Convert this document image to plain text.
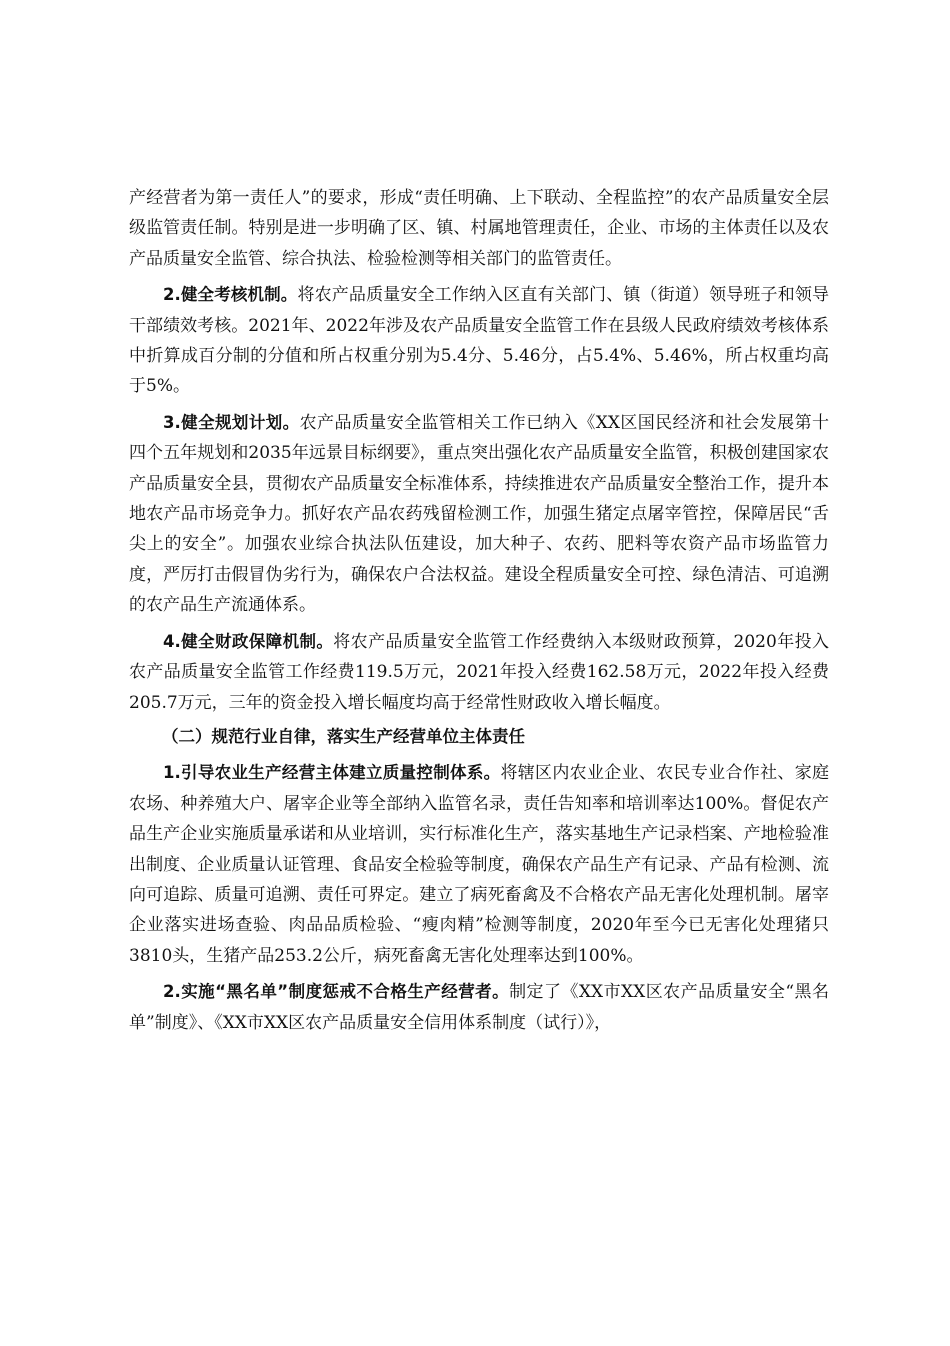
产经营者为第一责任人”的要求，形成“责任明确、上下联动、全程监控”的农产品质量安全层级监管责任制。特别是进一步明确了区、镇、村属地管理责任，企业、市场的主体责任以及农产品质量安全监管、综合执法、检验检测等相关部门的监管责任。

2.健全考核机制。将农产品质量安全工作纳入区直有关部门、镇（街道）领导班子和领导干部绩效考核。2021年、2022年涉及农产品质量安全监管工作在县级人民政府绩效考核体系中折算成百分制的分值和所占权重分别为5.4分、5.46分，占5.4%、5.46%，所占权重均高于5%。

3.健全规划计划。农产品质量安全监管相关工作已纳入《XX区国民经济和社会发展第十四个五年规划和2035年远景目标纲要》，重点突出强化农产品质量安全监管，积极创建国家农产品质量安全县，贯彻农产品质量安全标准体系，持续推进农产品质量安全整治工作，提升本地农产品市场竞争力。抓好农产品农药残留检测工作，加强生猪定点屠宰管控，保障居民“舌尖上的安全”。加强农业综合执法队伍建设，加大种子、农药、肥料等农资产品市场监管力度，严厉打击假冒伪劣行为，确保农户合法权益。建设全程质量安全可控、绿色清洁、可追溯的农产品生产流通体系。

4.健全财政保障机制。将农产品质量安全监管工作经费纳入本级财政预算，2020年投入农产品质量安全监管工作经费119.5万元，2021年投入经费162.58万元，2022年投入经费205.7万元，三年的资金投入增长幅度均高于经常性财政收入增长幅度。

（二）规范行业自律，落实生产经营单位主体责任

1.引导农业生产经营主体建立质量控制体系。将辖区内农业企业、农民专业合作社、家庭农场、种养殖大户、屠宰企业等全部纳入监管名录，责任告知率和培训率达100%。督促农产品生产企业实施质量承诺和从业培训，实行标准化生产，落实基地生产记录档案、产地检验准出制度、企业质量认证管理、食品安全检验等制度，确保农产品生产有记录、产品有检测、流向可追踪、质量可追溯、责任可界定。建立了病死畜禽及不合格农产品无害化处理机制。屠宰企业落实进场查验、肉品品质检验、“瘦肉精”检测等制度，2020年至今已无害化处理猪只3810头，生猪产品253.2公斤，病死畜禽无害化处理率达到100%。

2.实施“黑名单”制度惩戒不合格生产经营者。制定了《XX市XX区农产品质量安全“黑名单”制度》、《XX市XX区农产品质量安全信用体系制度（试行）》，
